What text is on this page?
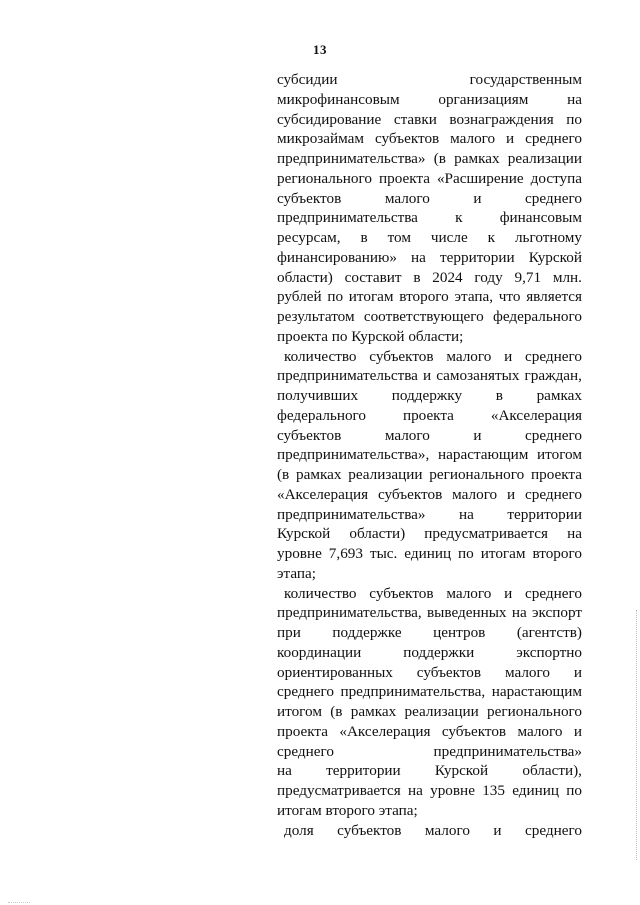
13
субсидии	государственным
микрофинансовым	организациям	на
субсидирование ставки вознаграждения по
микрозаймам субъектов малого и среднего
предпринимательства» (в рамках реализации
регионального проекта «Расширение доступа
субъектов	малого	и	среднего
предпринимательства к финансовым
ресурсам, в том числе к льготному
финансированию» на территории Курской
области) составит в 2024 году 9,71 млн.
рублей по итогам второго этапа, что является
результатом соответствующего федерального
проекта по Курской области;
количество субъектов малого и среднего
предпринимательства и самозанятых граждан,
получивших поддержку в рамках
федерального проекта «Акселерация
субъектов	малого	и	среднего
предпринимательства», нарастающим итогом
(в рамках реализации регионального проекта
«Акселерация субъектов малого и среднего
предпринимательства» на территории
Курской области) предусматривается на
уровне 7,693 тыс. единиц по итогам второго
этапа;
количество субъектов малого и среднего
предпринимательства, выведенных на экспорт
при поддержке центров (агентств)
координации	поддержки	экспортно
ориентированных субъектов малого и
среднего предпринимательства, нарастающим
итогом (в рамках реализации регионального
проекта «Акселерация субъектов малого и
среднего	предпринимательства»
на территории Курской области),
предусматривается на уровне 135 единиц по
итогам второго этапа;
доля субъектов малого и среднего
